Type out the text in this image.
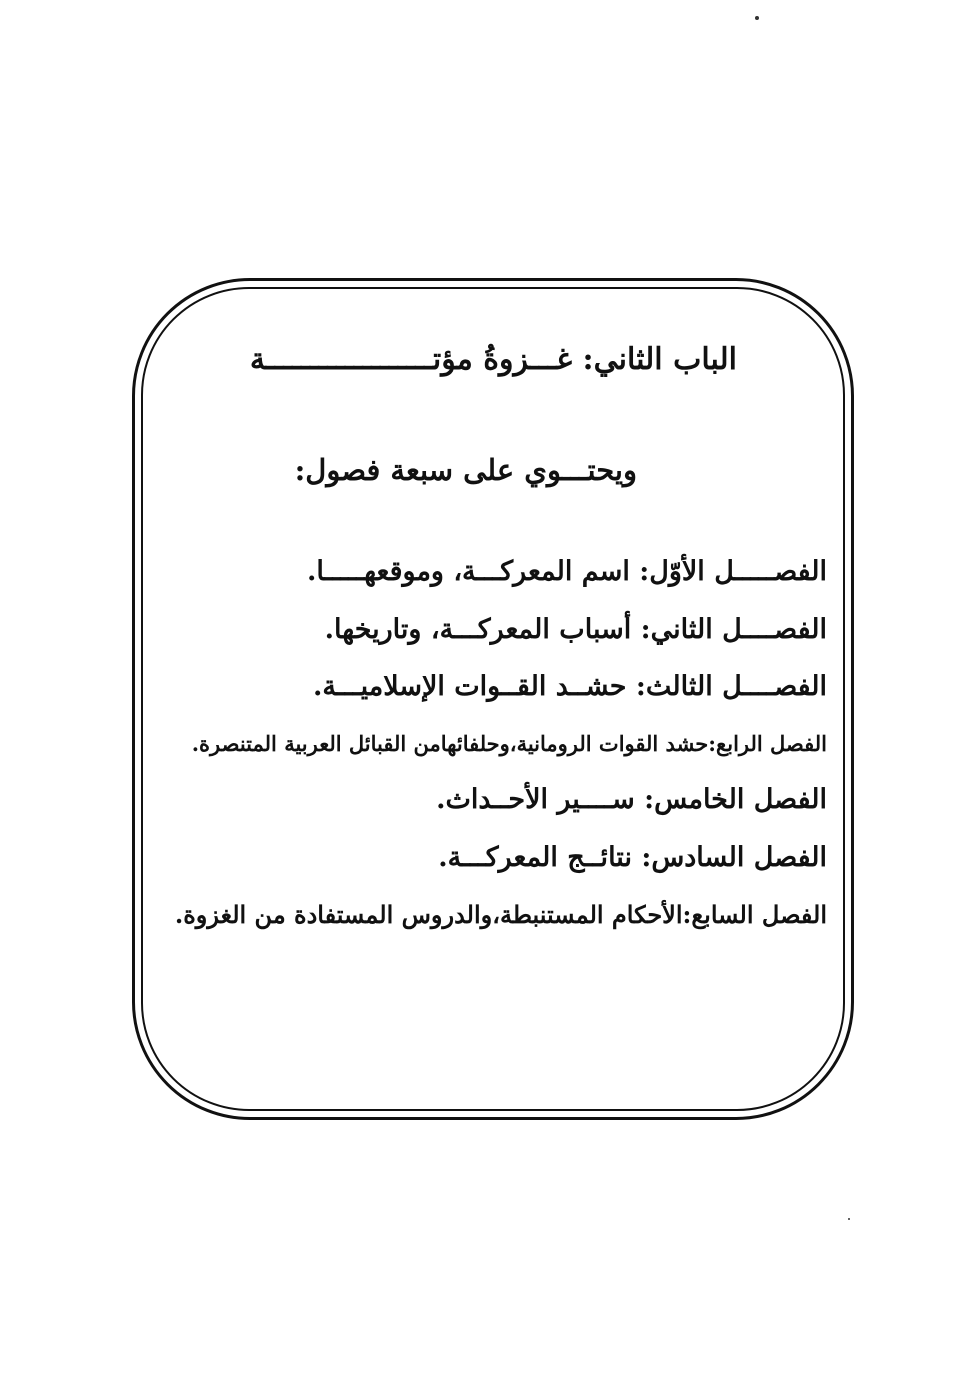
الباب الثاني: غـــزوةُ مؤتـــــــــــــــــــة
ويحتـــوي على سبعة فصول:
الفصـــــل الأوّل: اسم المعركـــة، وموقعهـــــا.
الفصــــل الثاني: أسباب المعركـــة، وتاريخها.
الفصــــل الثالث: حشــد القــوات الإسلاميـــة.
الفصل الرابع:حشد القوات الرومانية،وحلفائهامن القبائل العربية المتنصرة.
الفصل الخامس: ســــير الأحــداث.
الفصل السادس: نتائــج المعركـــة.
الفصل السابع:الأحكام المستنبطة،والدروس المستفادة من الغزوة.
